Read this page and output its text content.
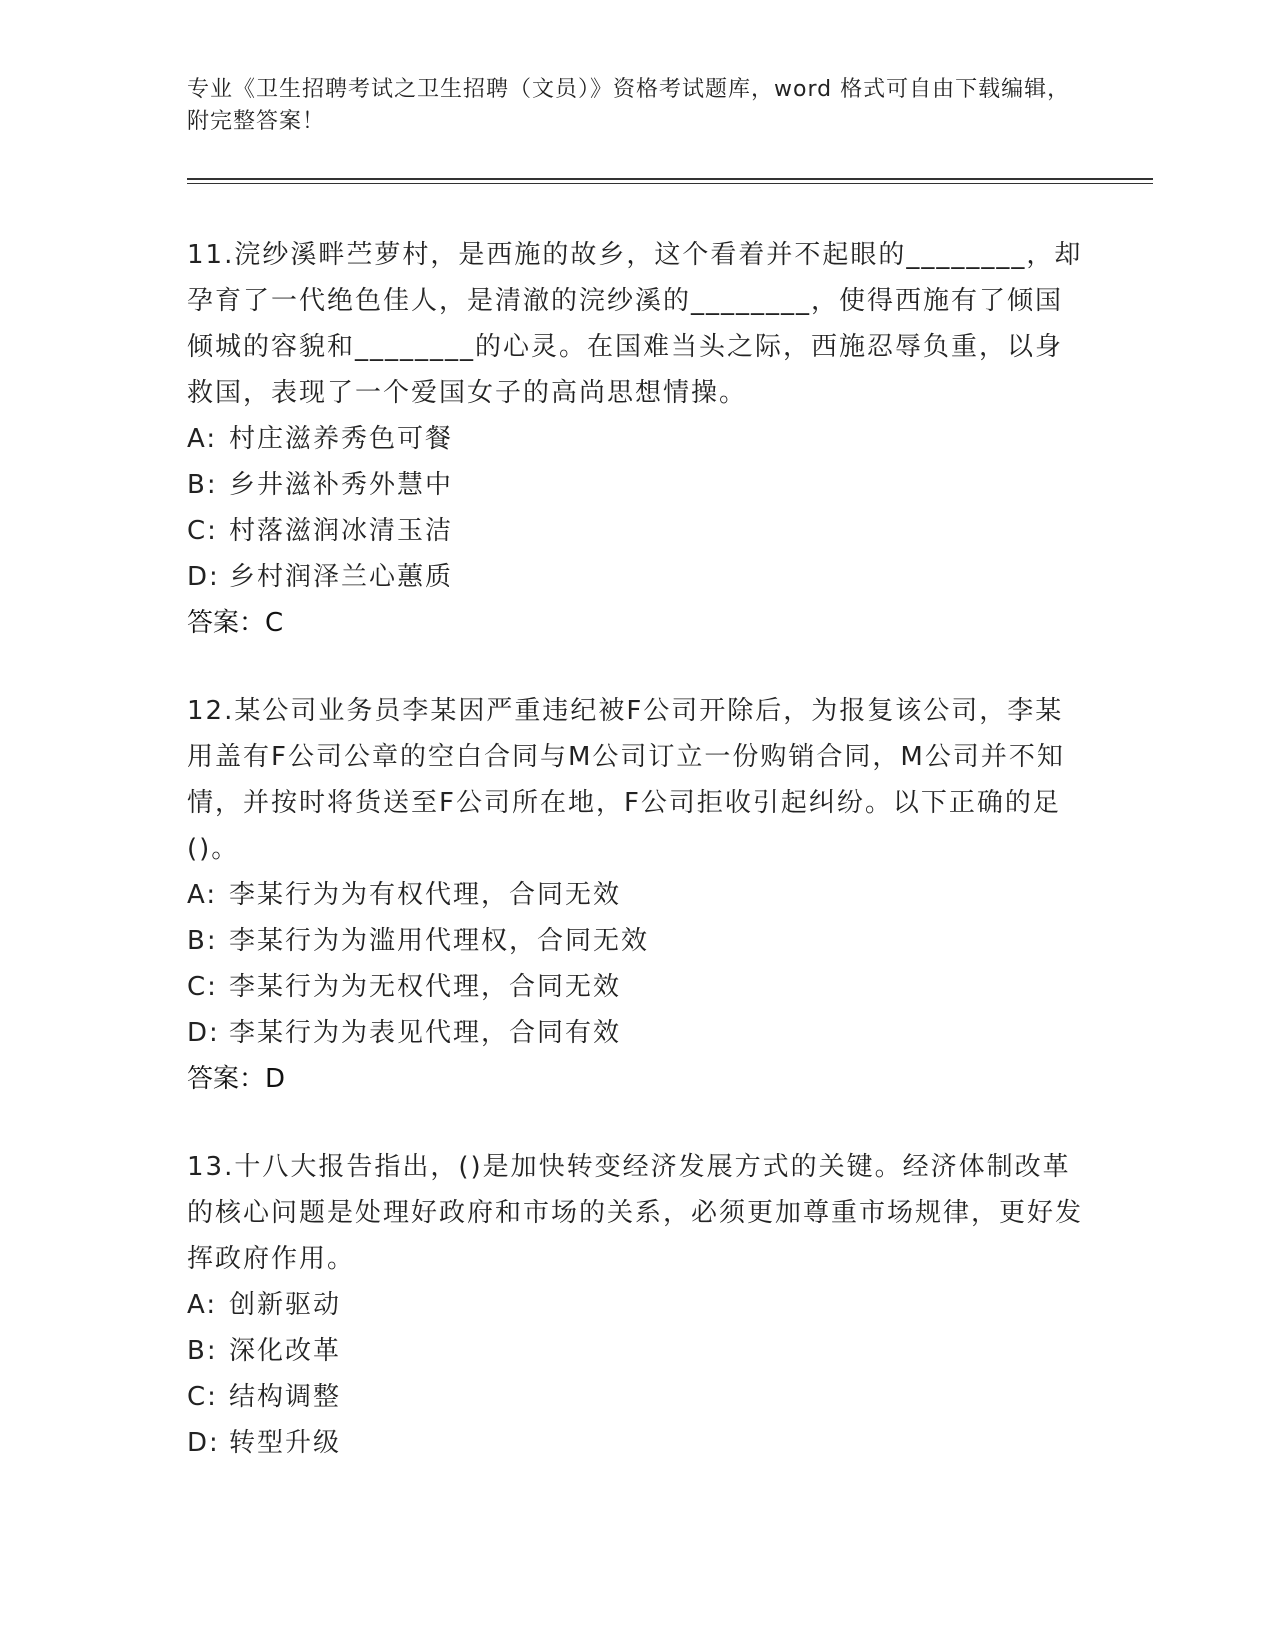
专业《卫生招聘考试之卫生招聘（文员）》资格考试题库，word 格式可自由下载编辑，附完整答案！

11.浣纱溪畔苎萝村，是西施的故乡，这个看着并不起眼的________，却孕育了一代绝色佳人，是清澈的浣纱溪的________，使得西施有了倾国倾城的容貌和________的心灵。在国难当头之际，西施忍辱负重，以身救国，表现了一个爱国女子的高尚思想情操。

A: 村庄滋养秀色可餐
B: 乡井滋补秀外慧中
C: 村落滋润冰清玉洁
D: 乡村润泽兰心蕙质
答案：C

12.某公司业务员李某因严重违纪被F公司开除后，为报复该公司，李某用盖有F公司公章的空白合同与M公司订立一份购销合同，M公司并不知情，并按时将货送至F公司所在地，F公司拒收引起纠纷。以下正确的足()。

A: 李某行为为有权代理，合同无效
B: 李某行为为滥用代理权，合同无效
C: 李某行为为无权代理，合同无效
D: 李某行为为表见代理，合同有效
答案：D

13.十八大报告指出，()是加快转变经济发展方式的关键。经济体制改革的核心问题是处理好政府和市场的关系，必须更加尊重市场规律，更好发挥政府作用。

A: 创新驱动
B: 深化改革
C: 结构调整
D: 转型升级
